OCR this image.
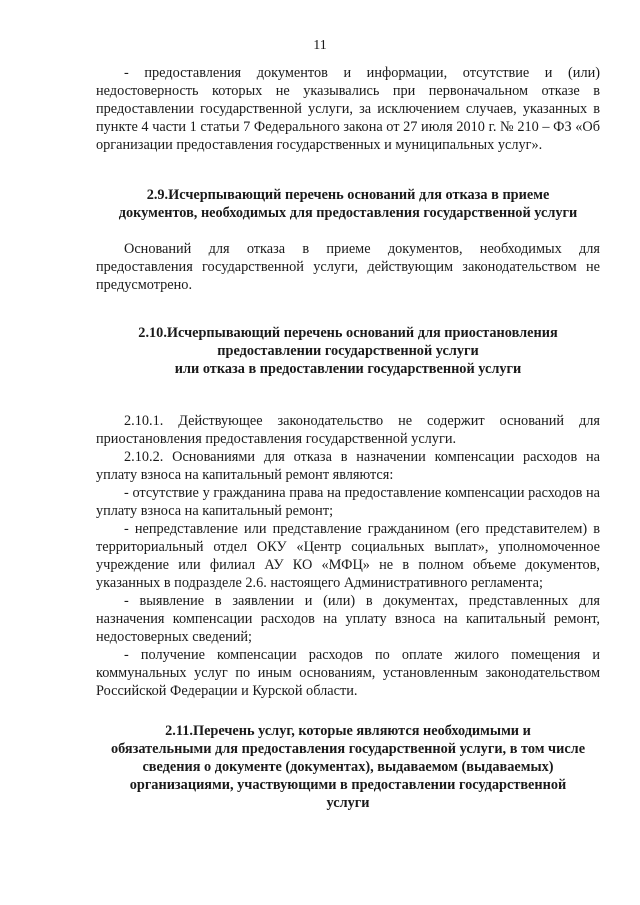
11

- предоставления документов и информации, отсутствие и (или) недостоверность которых не указывались при первоначальном отказе в предоставлении государственной услуги, за исключением случаев, указанных в пункте 4 части 1 статьи 7 Федерального закона от 27 июля 2010 г. № 210 – ФЗ «Об организации предоставления государственных и муниципальных услуг».

2.9.Исчерпывающий перечень оснований для отказа в приеме
документов, необходимых для предоставления государственной услуги

Оснований для отказа в приеме документов, необходимых для предоставления государственной услуги, действующим законодательством не предусмотрено.

2.10.Исчерпывающий перечень оснований для приостановления
предоставлении государственной услуги
или отказа в предоставлении государственной услуги

2.10.1. Действующее законодательство не содержит оснований для приостановления предоставления государственной услуги.

2.10.2. Основаниями для отказа в назначении компенсации расходов на уплату взноса на капитальный ремонт являются:

- отсутствие у гражданина права на предоставление компенсации расходов на уплату взноса на капитальный ремонт;

- непредставление или представление гражданином (его представителем) в территориальный отдел ОКУ «Центр социальных выплат», уполномоченное учреждение или филиал АУ КО «МФЦ» не в полном объеме документов, указанных в подразделе 2.6. настоящего Административного регламента;

- выявление в заявлении и (или) в документах, представленных для назначения компенсации расходов на уплату взноса на капитальный ремонт, недостоверных сведений;

- получение компенсации расходов по оплате жилого помещения и коммунальных услуг по иным основаниям, установленным законодательством Российской Федерации и Курской области.

2.11.Перечень услуг, которые являются необходимыми и
обязательными для предоставления государственной услуги, в том числе
сведения о документе (документах), выдаваемом (выдаваемых)
организациями, участвующими в предоставлении государственной
услуги
